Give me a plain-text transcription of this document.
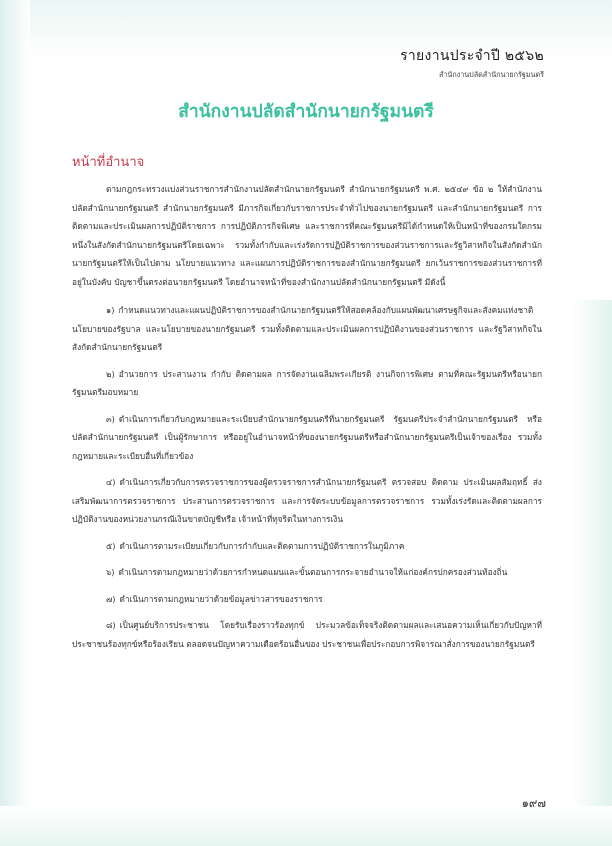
รายงานประจำปี ๒๕๖๒
สำนักงานปลัดสำนักนายกรัฐมนตรี
สำนักงานปลัดสำนักนายกรัฐมนตรี
หน้าที่อำนาจ

ตามกฎกระทรวงแบ่งส่วนราชการสำนักงานปลัดสำนักนายกรัฐมนตรี สำนักนายกรัฐมนตรี พ.ศ. ๒๕๔๙ ข้อ ๒ ให้สำนักงานปลัดสำนักนายกรัฐมนตรี สำนักนายกรัฐมนตรี มีภารกิจเกี่ยวกับราชการประจำทั่วไปของนายกรัฐมนตรี และสำนักนายกรัฐมนตรี การติดตามและประเมินผลการปฏิบัติราชการ การปฏิบัติภารกิจพิเศษ และราชการที่คณะรัฐมนตรีมิได้กำหนดให้เป็นหน้าที่ของกรมใดกรมหนึ่งในสังกัดสำนักนายกรัฐมนตรีโดยเฉพาะ รวมทั้งกำกับและเร่งรัดการปฏิบัติราชการของส่วนราชการและรัฐวิสาหกิจในสังกัดสำนักนายกรัฐมนตรีให้เป็นไปตาม นโยบายแนวทาง และแผนการปฏิบัติราชการของสำนักนายกรัฐมนตรี ยกเว้นราชการของส่วนราชการที่อยู่ในบังคับ บัญชาขึ้นตรงต่อนายกรัฐมนตรี โดยอำนาจหน้าที่ของสำนักงานปลัดสำนักนายกรัฐมนตรี มีดังนี้

๑) กำหนดแนวทางและแผนปฏิบัติราชการของสำนักนายกรัฐมนตรีให้สอดคล้องกับแผนพัฒนาเศรษฐกิจและสังคมแห่งชาติ นโยบายของรัฐบาล และนโยบายของนายกรัฐมนตรี รวมทั้งติดตามและประเมินผลการปฏิบัติงานของส่วนราชการ และรัฐวิสาหกิจในสังกัดสำนักนายกรัฐมนตรี

๒) อำนวยการ ประสานงาน กำกับ ติดตามผล การจัดงานเฉลิมพระเกียรติ งานกิจการพิเศษ ตามที่คณะรัฐมนตรีหรือนายกรัฐมนตรีมอบหมาย

๓) ดำเนินการเกี่ยวกับกฎหมายและระเบียบสำนักนายกรัฐมนตรีที่นายกรัฐมนตรี รัฐมนตรีประจำสำนักนายกรัฐมนตรี หรือปลัดสำนักนายกรัฐมนตรี เป็นผู้รักษาการ หรืออยู่ในอำนาจหน้าที่ของนายกรัฐมนตรีหรือสำนักนายกรัฐมนตรีเป็นเจ้าของเรื่อง รวมทั้งกฎหมายและระเบียบอื่นที่เกี่ยวข้อง

๔) ดำเนินการเกี่ยวกับการตรวจราชการของผู้ตรวจราชการสำนักนายกรัฐมนตรี ตรวจสอบ ติดตาม ประเมินผลสัมฤทธิ์ ส่งเสริมพัฒนาการตรวจราชการ ประสานการตรวจราชการ และการจัดระบบข้อมูลการตรวจราชการ รวมทั้งเร่งรัดและติดตามผลการปฏิบัติงานของหน่วยงานกรณีเงินขาดบัญชีหรือ เจ้าหน้าที่ทุจริตในทางการเงิน

๕) ดำเนินการตามระเบียบเกี่ยวกับการกำกับและติดตามการปฏิบัติราชการในภูมิภาค

๖) ดำเนินการตามกฎหมายว่าด้วยการกำหนดแผนและขั้นตอนการกระจายอำนาจให้แก่องค์กรปกครองส่วนท้องถิ่น

๗) ดำเนินการตามกฎหมายว่าด้วยข้อมูลข่าวสารของราชการ

๘) เป็นศูนย์บริการประชาชน โดยรับเรื่องราวร้องทุกข์ ประมวลข้อเท็จจริงติดตามผลและเสนอความเห็นเกี่ยวกับปัญหาที่ประชาชนร้องทุกข์หรือร้องเรียน ตลอดจนปัญหาความเดือดร้อนอื่นของ ประชาชนเพื่อประกอบการพิจารณาสั่งการของนายกรัฐมนตรี

๑๙๗
